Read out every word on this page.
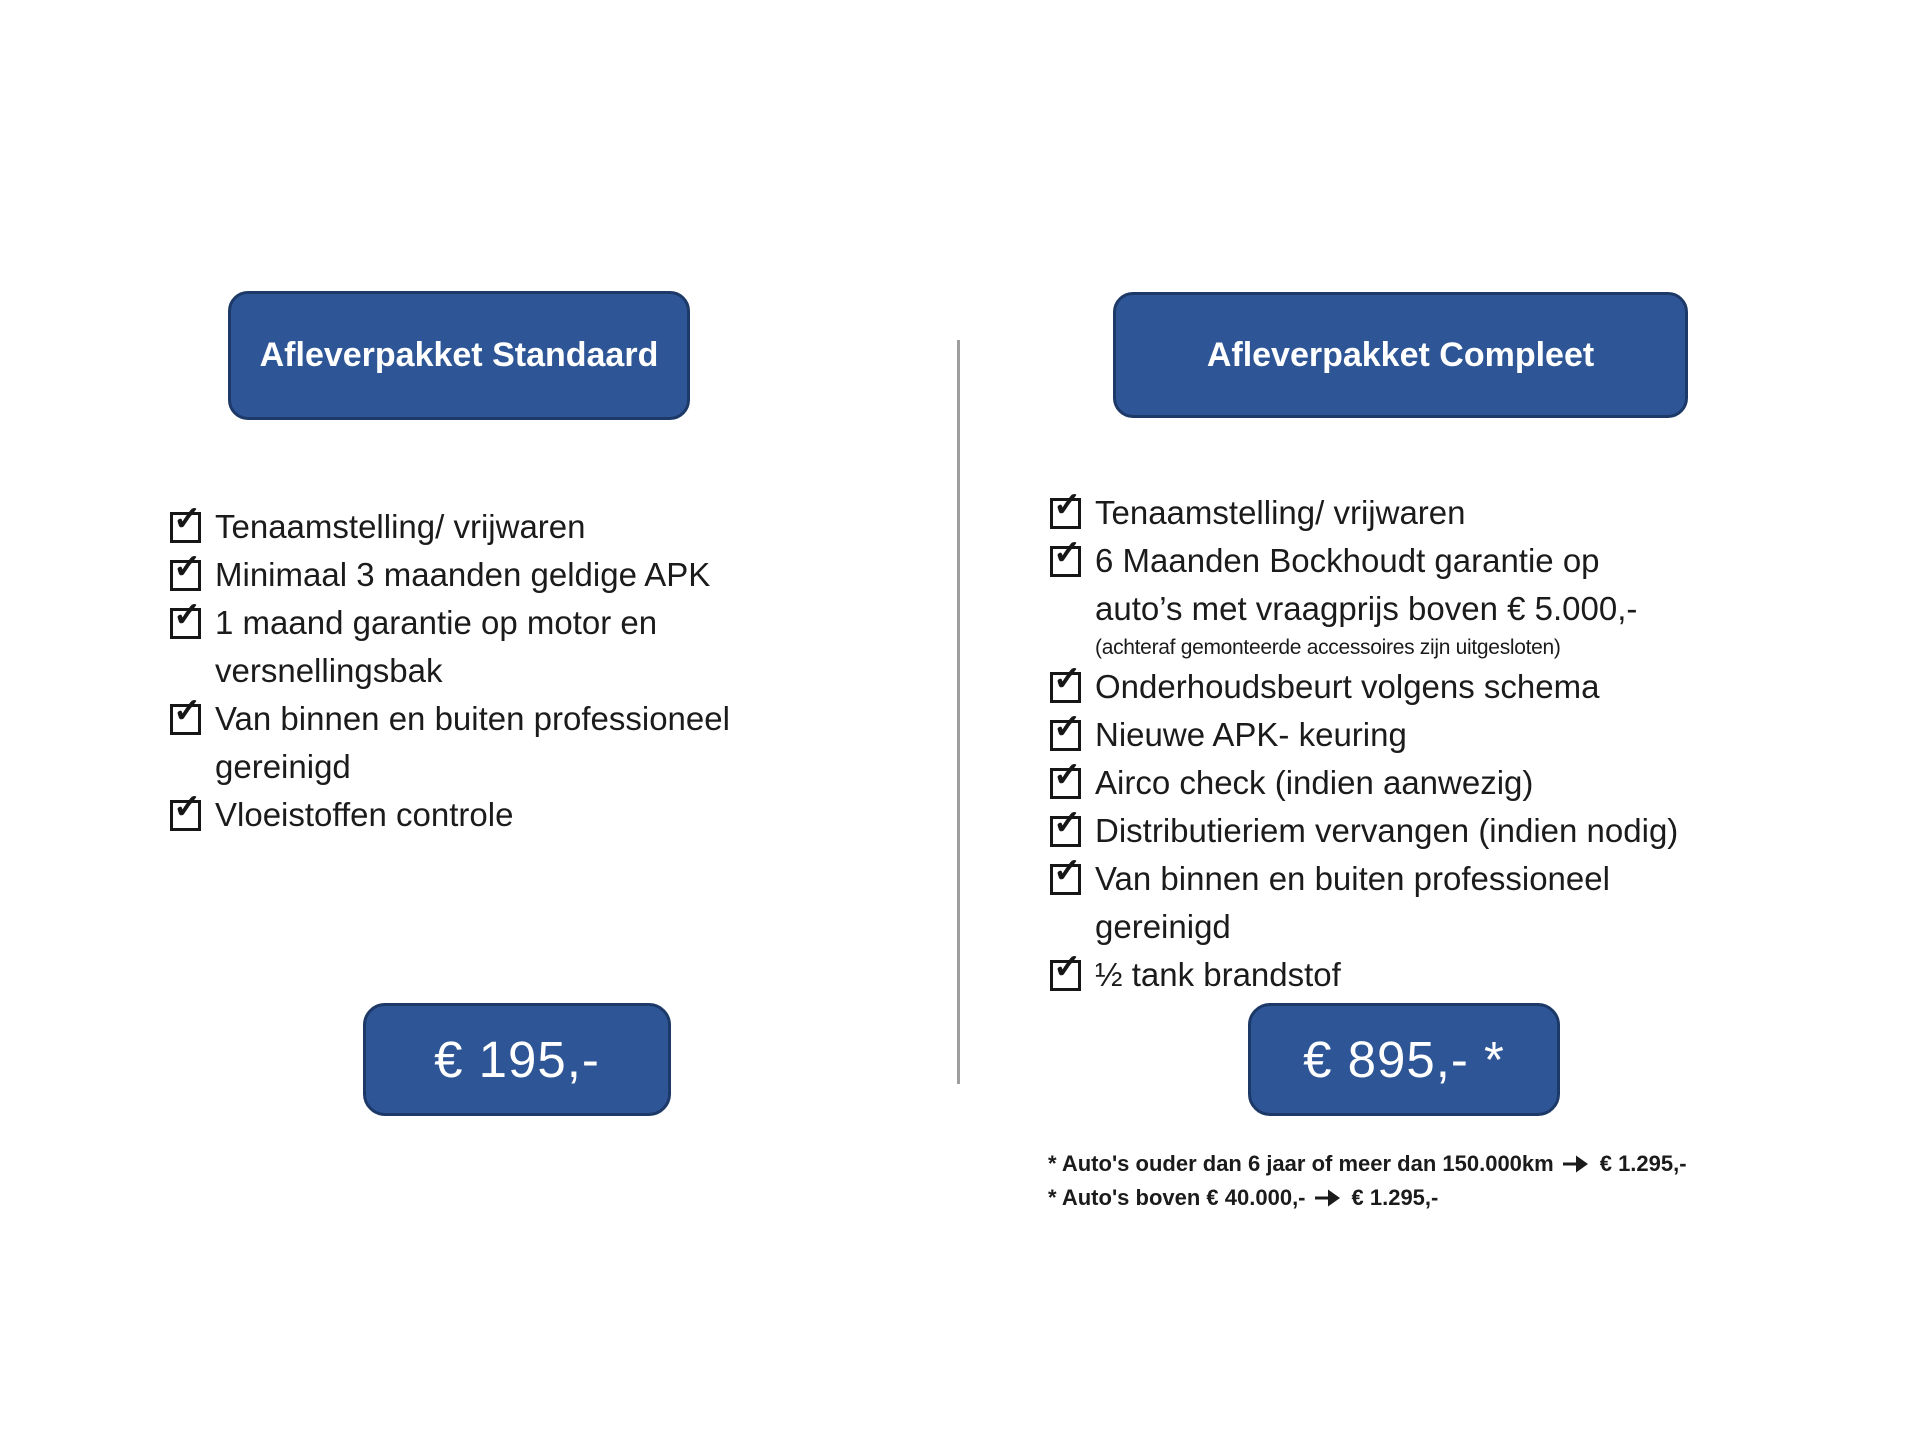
Afleverpakket Standaard
✓ Tenaamstelling/ vrijwaren
✓ Minimaal 3 maanden geldige APK
✓ 1 maand garantie op motor en
versnellingsbak
✓ Van binnen en buiten professioneel
gereinigd
✓ Vloeistoffen controle
€ 195,-
Afleverpakket Compleet
✓ Tenaamstelling/ vrijwaren
✓ 6 Maanden Bockhoudt garantie op
auto’s met vraagprijs boven € 5.000,-
(achteraf gemonteerde accessoires zijn uitgesloten)
✓ Onderhoudsbeurt volgens schema
✓ Nieuwe APK- keuring
✓ Airco check (indien aanwezig)
✓ Distributieriem vervangen (indien nodig)
✓ Van binnen en buiten professioneel
gereinigd
✓ ½ tank brandstof
€ 895,- *
* Auto's ouder dan 6 jaar of meer dan 150.000km € 1.295,-
* Auto's boven € 40.000,- € 1.295,-
